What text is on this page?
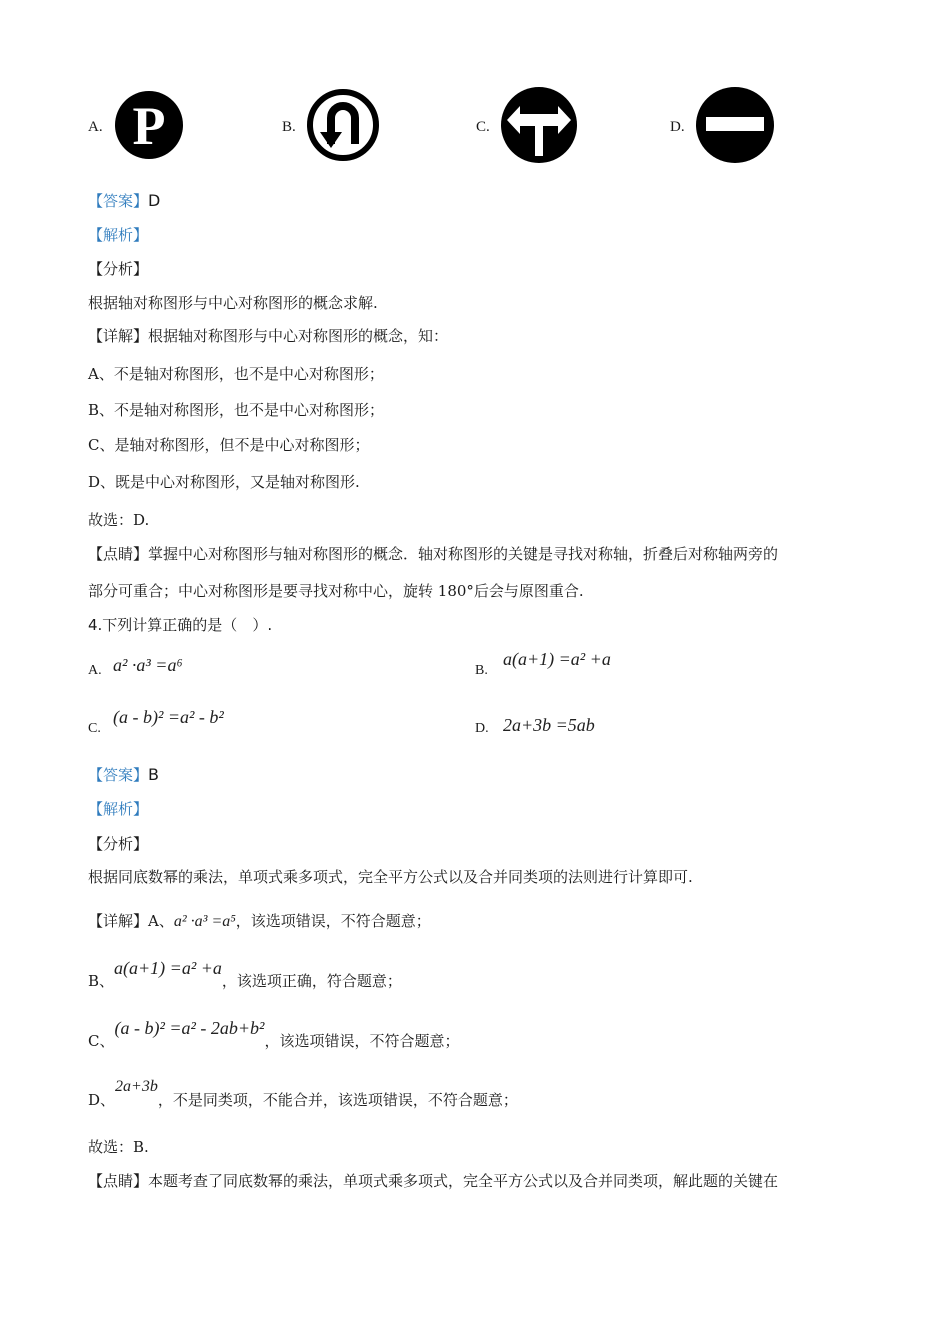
A. P	B.	C.	D.
【答案】D
【解析】
【分析】
根据轴对称图形与中心对称图形的概念求解.
【详解】根据轴对称图形与中心对称图形的概念，知：
A、不是轴对称图形，也不是中心对称图形；
B、不是轴对称图形，也不是中心对称图形；
C、是轴对称图形，但不是中心对称图形；
D、既是中心对称图形，又是轴对称图形.
故选：D.
【点睛】掌握中心对称图形与轴对称图形的概念．轴对称图形的关键是寻找对称轴，折叠后对称轴两旁的
部分可重合；中心对称图形是要寻找对称中心，旋转 180°后会与原图重合.
4.下列计算正确的是（　）.
A. a² ·a³ =a⁶	B.
a(a+1) =a² +a
C.
(a - b)² =a² - b²
D. 2a+3b =5ab
【答案】B
【解析】
【分析】
根据同底数幂的乘法，单项式乘多项式，完全平方公式以及合并同类项的法则进行计算即可.
【详解】A、a² ·a³ =a⁵，该选项错误，不符合题意；
B、a(a+1) =a² +a，该选项正确，符合题意；
C、(a - b)² =a² - 2ab+b²，该选项错误，不符合题意；
D、2a+3b，不是同类项，不能合并，该选项错误，不符合题意；
故选：B.
【点睛】本题考查了同底数幂的乘法，单项式乘多项式，完全平方公式以及合并同类项，解此题的关键在
